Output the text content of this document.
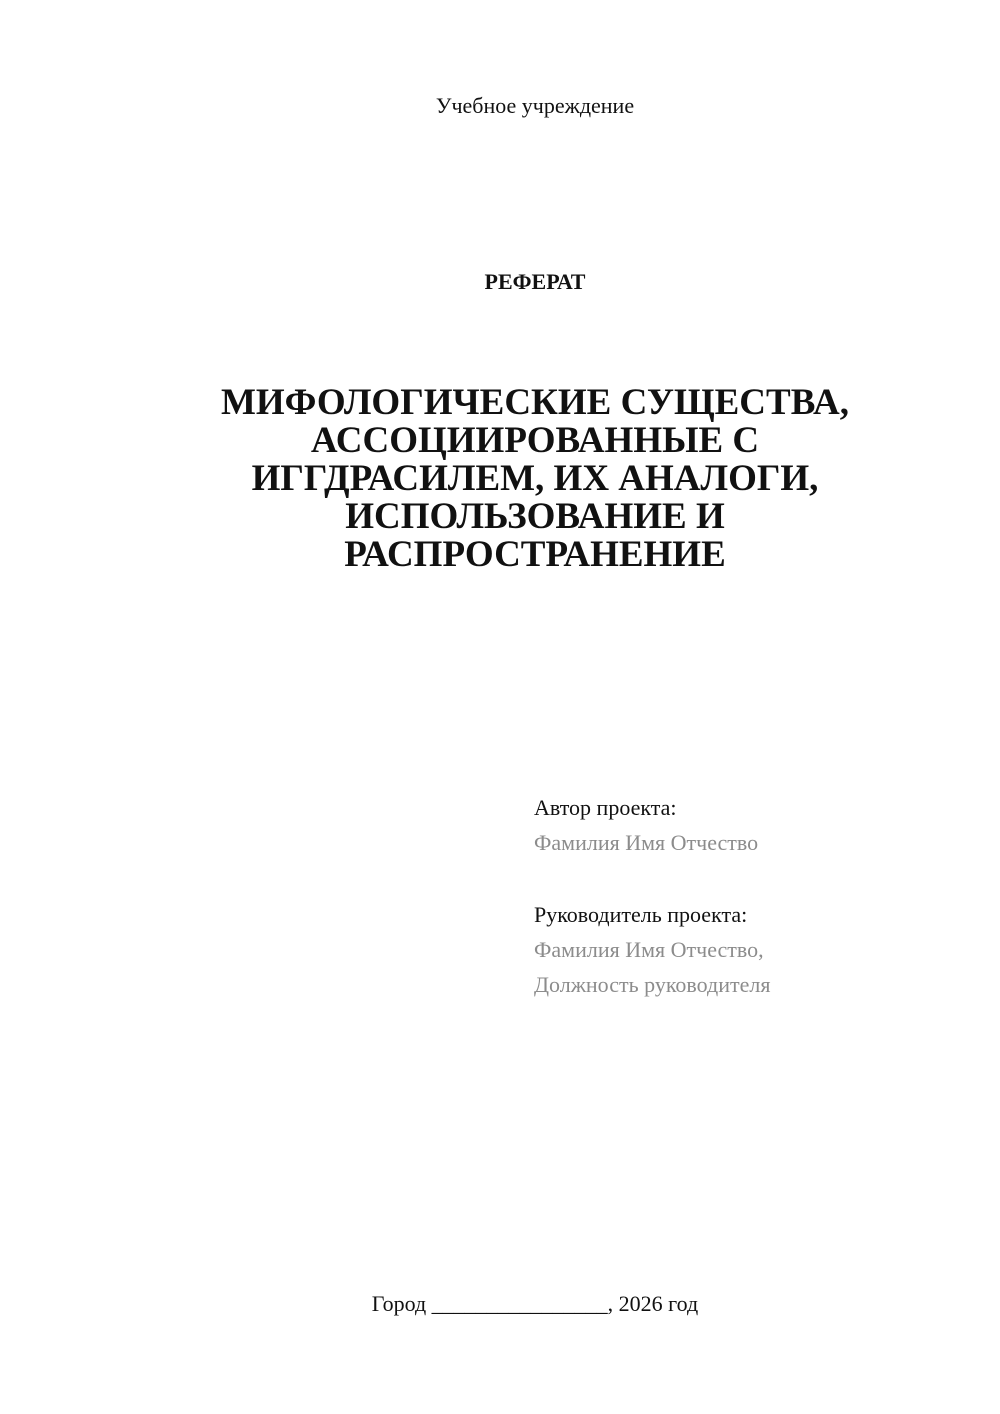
Учебное учреждение
РЕФЕРАТ
МИФОЛОГИЧЕСКИЕ СУЩЕСТВА,
АССОЦИИРОВАННЫЕ С
ИГГДРАСИЛЕМ, ИХ АНАЛОГИ,
ИСПОЛЬЗОВАНИЕ И
РАСПРОСТРАНЕНИЕ
Автор проекта:
Фамилия Имя Отчество
Руководитель проекта:
Фамилия Имя Отчество,
Должность руководителя
Город ________________, 2026 год
